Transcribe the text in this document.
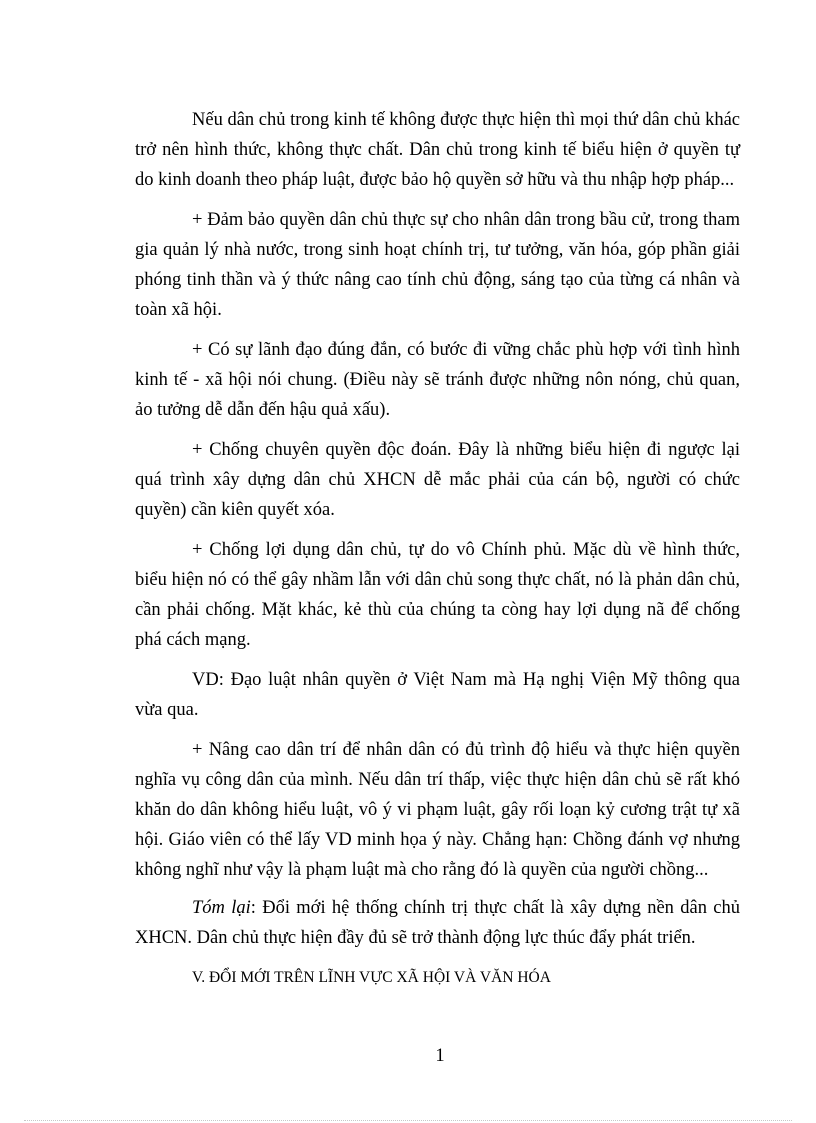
Nếu dân chủ trong kinh tế không được thực hiện thì mọi thứ dân chủ khác trở nên hình thức, không thực chất. Dân chủ trong kinh tế biểu hiện ở quyền tự do kinh doanh theo pháp luật, được bảo hộ quyền sở hữu và thu nhập hợp pháp...

+ Đảm bảo quyền dân chủ thực sự cho nhân dân trong bầu cử, trong tham gia quản lý nhà nước, trong sinh hoạt chính trị, tư tưởng, văn hóa, góp phần giải phóng tinh thần và ý thức nâng cao tính chủ động, sáng tạo của từng cá nhân và toàn xã hội.

+ Có sự lãnh đạo đúng đắn, có bước đi vững chắc phù hợp với tình hình kinh tế - xã hội nói chung. (Điều này sẽ tránh được những nôn nóng, chủ quan, ảo tưởng dễ dẫn đến hậu quả xấu).

+ Chống chuyên quyền độc đoán. Đây là những biểu hiện đi ngược lại quá trình xây dựng dân chủ XHCN dễ mắc phải của cán bộ, người có chức quyền) cần kiên quyết xóa.

+ Chống lợi dụng dân chủ, tự do vô Chính phủ. Mặc dù về hình thức, biểu hiện nó có thể gây nhầm lẫn với dân chủ song thực chất, nó là phản dân chủ, cần phải chống. Mặt khác, kẻ thù của chúng ta còng hay lợi dụng nã để chống phá cách mạng.

VD: Đạo luật nhân quyền ở Việt Nam mà Hạ nghị Viện Mỹ thông qua vừa qua.

+ Nâng cao dân trí để nhân dân có đủ trình độ hiểu và thực hiện quyền nghĩa vụ công dân của mình. Nếu dân trí thấp, việc thực hiện dân chủ sẽ rất khó khăn do dân không hiểu luật, vô ý vi phạm luật, gây rối loạn kỷ cương trật tự xã hội. Giáo viên có thể lấy VD minh họa ý này. Chẳng hạn: Chồng đánh vợ nhưng không nghĩ như vậy là phạm luật mà cho rằng đó là quyền của người chồng...

Tóm lại: Đổi mới hệ thống chính trị thực chất là xây dựng nền dân chủ XHCN. Dân chủ thực hiện đầy đủ sẽ trở thành động lực thúc đẩy phát triển.

V. ĐỔI MỚI TRÊN LĨNH VỰC XÃ HỘI VÀ VĂN HÓA

1
